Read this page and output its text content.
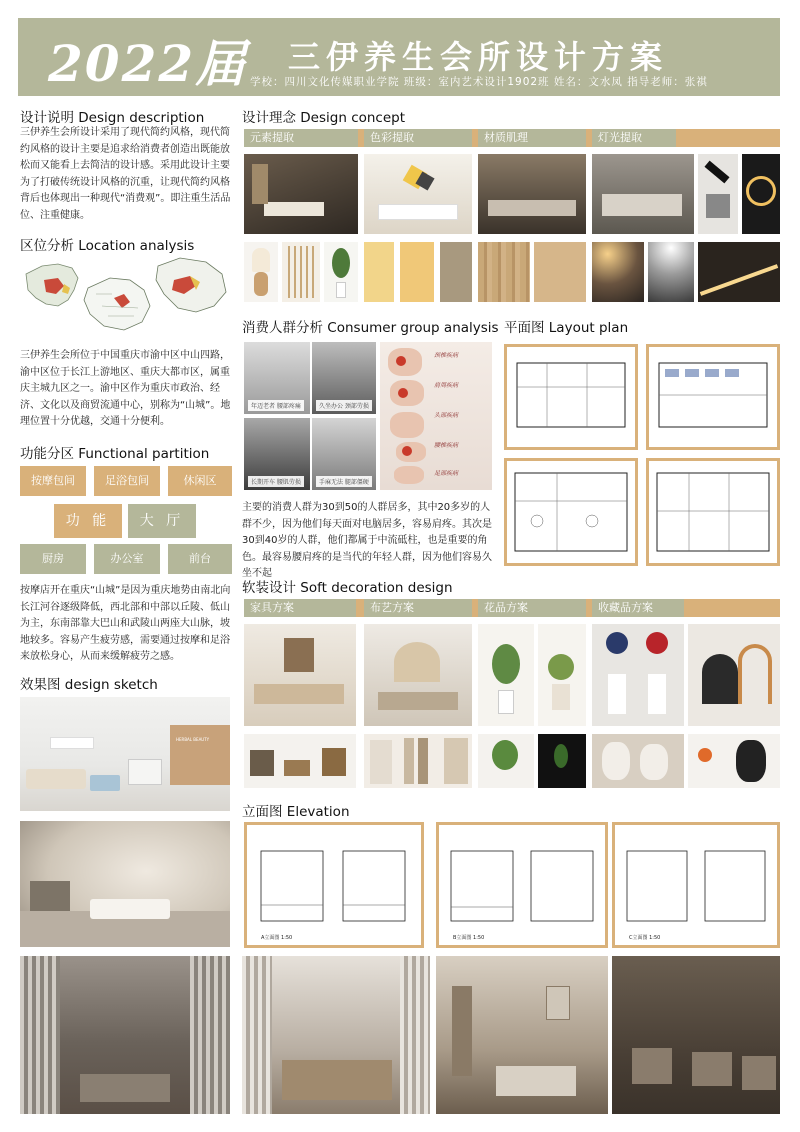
2022届 三伊养生会所设计方案
学校：四川文化传媒职业学院 班级：室内艺术设计1902班 姓名：文水凤 指导老师：张祺
设计说明 Design description
三伊养生会所设计采用了现代简约风格，现代简约风格的设计主要是追求给消费者创造出既能放松而又能看上去简洁的设计感。采用此设计主要为了打破传统设计风格的沉重，让现代简约风格背后也体现出一种现代“消费观”。即注重生活品位、注重健康。
区位分析 Location analysis
三伊养生会所位于中国重庆市渝中区中山四路，渝中区位于长江上游地区、重庆大都市区，属重庆主城九区之一。渝中区作为重庆市政治、经济、文化以及商贸流通中心，别称为“山城”。地理位置十分优越，交通十分便利。
功能分区 Functional partition
按摩包间	足浴包间	休闲区
功 能	大 厅
厨房	办公室	前台
按摩店开在重庆“山城”是因为重庆地势由南北向长江河谷逐级降低，西北部和中部以丘陵、低山为主，东南部靠大巴山和武陵山两座大山脉，坡地较多。容易产生疲劳感，需要通过按摩和足浴来放松身心，从而来缓解疲劳之感。
效果图 design sketch
HERBAL BEAUTY
设计理念 Design concept
元素提取	色彩提取	材质肌理	灯光提取
消费人群分析 Consumer group analysis
年迈老者 腰部疼痛	久坐办公 颈部劳损
长期开车 腰肌劳损	手麻无法 腿部僵硬
颈椎疾病
肩周疾病
头部疾病
腰椎疾病
足部疾病
主要的消费人群为30到50的人群居多，其中20多岁的人群不少，因为他们每天面对电脑居多，容易肩疼。其次是30到40岁的人群，他们都属于中流砥柱，也是重要的角色。最容易腰肩疼的是当代的年轻人群，因为他们容易久坐不起
平面图 Layout plan
软装设计 Soft decoration design
家具方案	布艺方案	花品方案	收藏品方案
立面图 Elevation
A立面图 1:50	B立面图 1:50	C立面图 1:50
